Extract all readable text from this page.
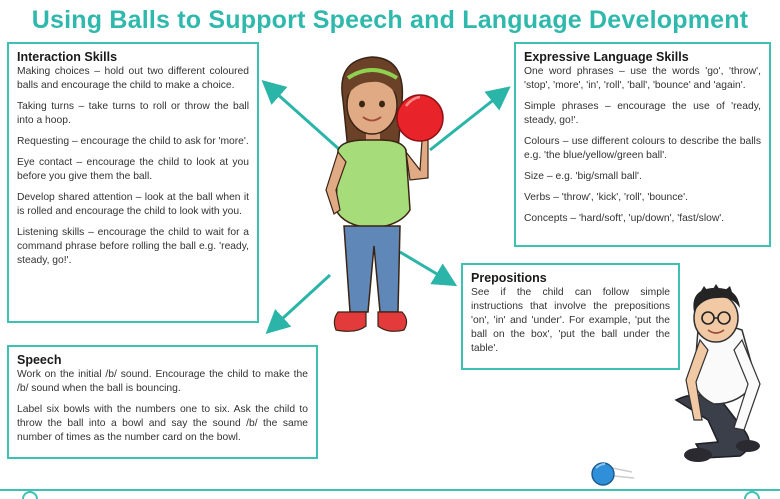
Using Balls to Support Speech and Language Development
Interaction Skills

Making choices – hold out two different coloured balls and encourage the child to make a choice.

Taking turns – take turns to roll or throw the ball into a hoop.

Requesting – encourage the child to ask for 'more'.

Eye contact – encourage the child to look at you before you give them the ball.

Develop shared attention – look at the ball when it is rolled and encourage the child to look with you.

Listening skills – encourage the child to wait for a command phrase before rolling the ball e.g. 'ready, steady, go!'.

Expressive Language Skills

One word phrases – use the words 'go', 'throw', 'stop', 'more', 'in', 'roll', 'ball', 'bounce' and 'again'.

Simple phrases – encourage the use of 'ready, steady, go!'.

Colours – use different colours to describe the balls e.g. 'the blue/yellow/green ball'.

Size – e.g. 'big/small ball'.

Verbs – 'throw', 'kick', 'roll', 'bounce'.

Concepts – 'hard/soft', 'up/down', 'fast/slow'.

Prepositions

See if the child can follow simple instructions that involve the prepositions 'on', 'in' and 'under'. For example, 'put the ball on the box', 'put the ball under the table'.

Speech

Work on the initial /b/ sound. Encourage the child to make the /b/ sound when the ball is bouncing.

Label six bowls with the numbers one to six. Ask the child to throw the ball into a bowl and say the sound /b/ the same number of times as the number card on the bowl.
